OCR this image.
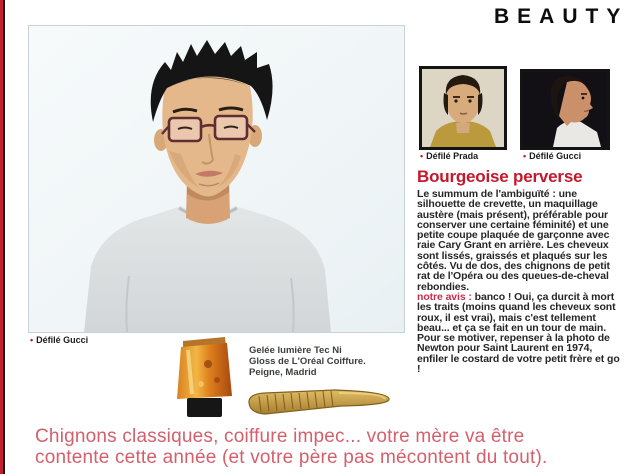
BEAUTY
• Défilé Gucci
Gelée lumière Tec Ni
Gloss de L'Oréal Coiffure.
Peigne, Madrid
• Défilé Prada	• Défilé Gucci
Bourgeoise perverse

Le summum de l'ambiguïté : une silhouette de crevette, un maquillage austère (mais présent), préférable pour conserver une certaine féminité) et une petite coupe plaquée de garçonne avec raie Cary Grant en arrière. Les cheveux sont lissés, graissés et plaqués sur les côtés. Vu de dos, des chignons de petit rat de l'Opéra ou des queues-de-cheval rebondies.

notre avis : banco ! Oui, ça durcit à mort les traits (moins quand les cheveux sont roux, il est vrai), mais c'est tellement beau... et ça se fait en un tour de main. Pour se motiver, repenser à la photo de Newton pour Saint Laurent en 1974, enfiler le costard de votre petit frère et go !

Chignons classiques, coiffure impec... votre mère va être
contente cette année (et votre père pas mécontent du tout).
